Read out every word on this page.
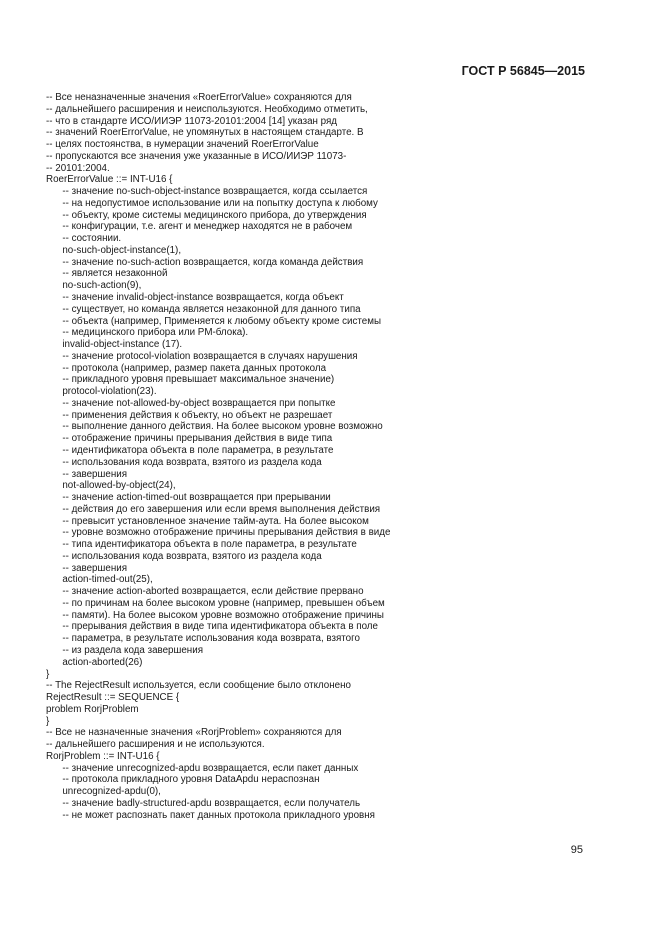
ГОСТ Р 56845—2015
-- Все неназначенные значения «RoerErrorValue» сохраняются для
-- дальнейшего расширения и неиспользуются. Необходимо отметить,
-- что в стандарте ИСО/ИИЭР 11073-20101:2004 [14] указан ряд
-- значений RoerErrorValue, не упомянутых в настоящем стандарте. В
-- целях постоянства, в нумерации значений RoerErrorValue
-- пропускаются все значения уже указанные в ИСО/ИИЭР 11073-
-- 20101:2004.
RoerErrorValue ::= INT-U16 {
-- значение no-such-object-instance возвращается, когда ссылается
-- на недопустимое использование или на попытку доступа к любому
-- объекту, кроме системы медицинского прибора, до утверждения
-- конфигурации, т.е. агент и менеджер находятся не в рабочем
-- состоянии.
no-such-object-instance(1),
-- значение no-such-action возвращается, когда команда действия
-- является незаконной
no-such-action(9),
-- значение invalid-object-instance возвращается, когда объект
-- существует, но команда является незаконной для данного типа
-- объекта (например, Применяется к любому объекту кроме системы
-- медицинского прибора или PM-блока).
invalid-object-instance (17).
-- значение protocol-violation возвращается в случаях нарушения
-- протокола (например, размер пакета данных протокола
-- прикладного уровня превышает максимальное значение)
protocol-violation(23).
-- значение not-allowed-by-object возвращается при попытке
-- применения действия к объекту, но объект не разрешает
-- выполнение данного действия. На более высоком уровне возможно
-- отображение причины прерывания действия в виде типа
-- идентификатора объекта в поле параметра, в результате
-- использования кода возврата, взятого из раздела кода
-- завершения
not-allowed-by-object(24),
-- значение action-timed-out возвращается при прерывании
-- действия до его завершения или если время выполнения действия
-- превысит установленное значение тайм-аута. На более высоком
-- уровне возможно отображение причины прерывания действия в виде
-- типа идентификатора объекта в поле параметра, в результате
-- использования кода возврата, взятого из раздела кода
-- завершения
action-timed-out(25),
-- значение action-aborted возвращается, если действие прервано
-- по причинам на более высоком уровне (например, превышен объем
-- памяти). На более высоком уровне возможно отображение причины
-- прерывания действия в виде типа идентификатора объекта в поле
-- параметра, в результате использования кода возврата, взятого
-- из раздела кода завершения
action-aborted(26)
}
-- The RejectResult используется, если сообщение было отклонено
RejectResult ::= SEQUENCE {
problem RorjProblem
}
-- Все не назначенные значения «RorjProblem» сохраняются для
-- дальнейшего расширения и не используются.
RorjProblem ::= INT-U16 {
-- значение unrecognized-apdu возвращается, если пакет данных
-- протокола прикладного уровня DataApdu нераспознан
unrecognized-apdu(0),
-- значение badly-structured-apdu возвращается, если получатель
-- не может распознать пакет данных протокола прикладного уровня
95
